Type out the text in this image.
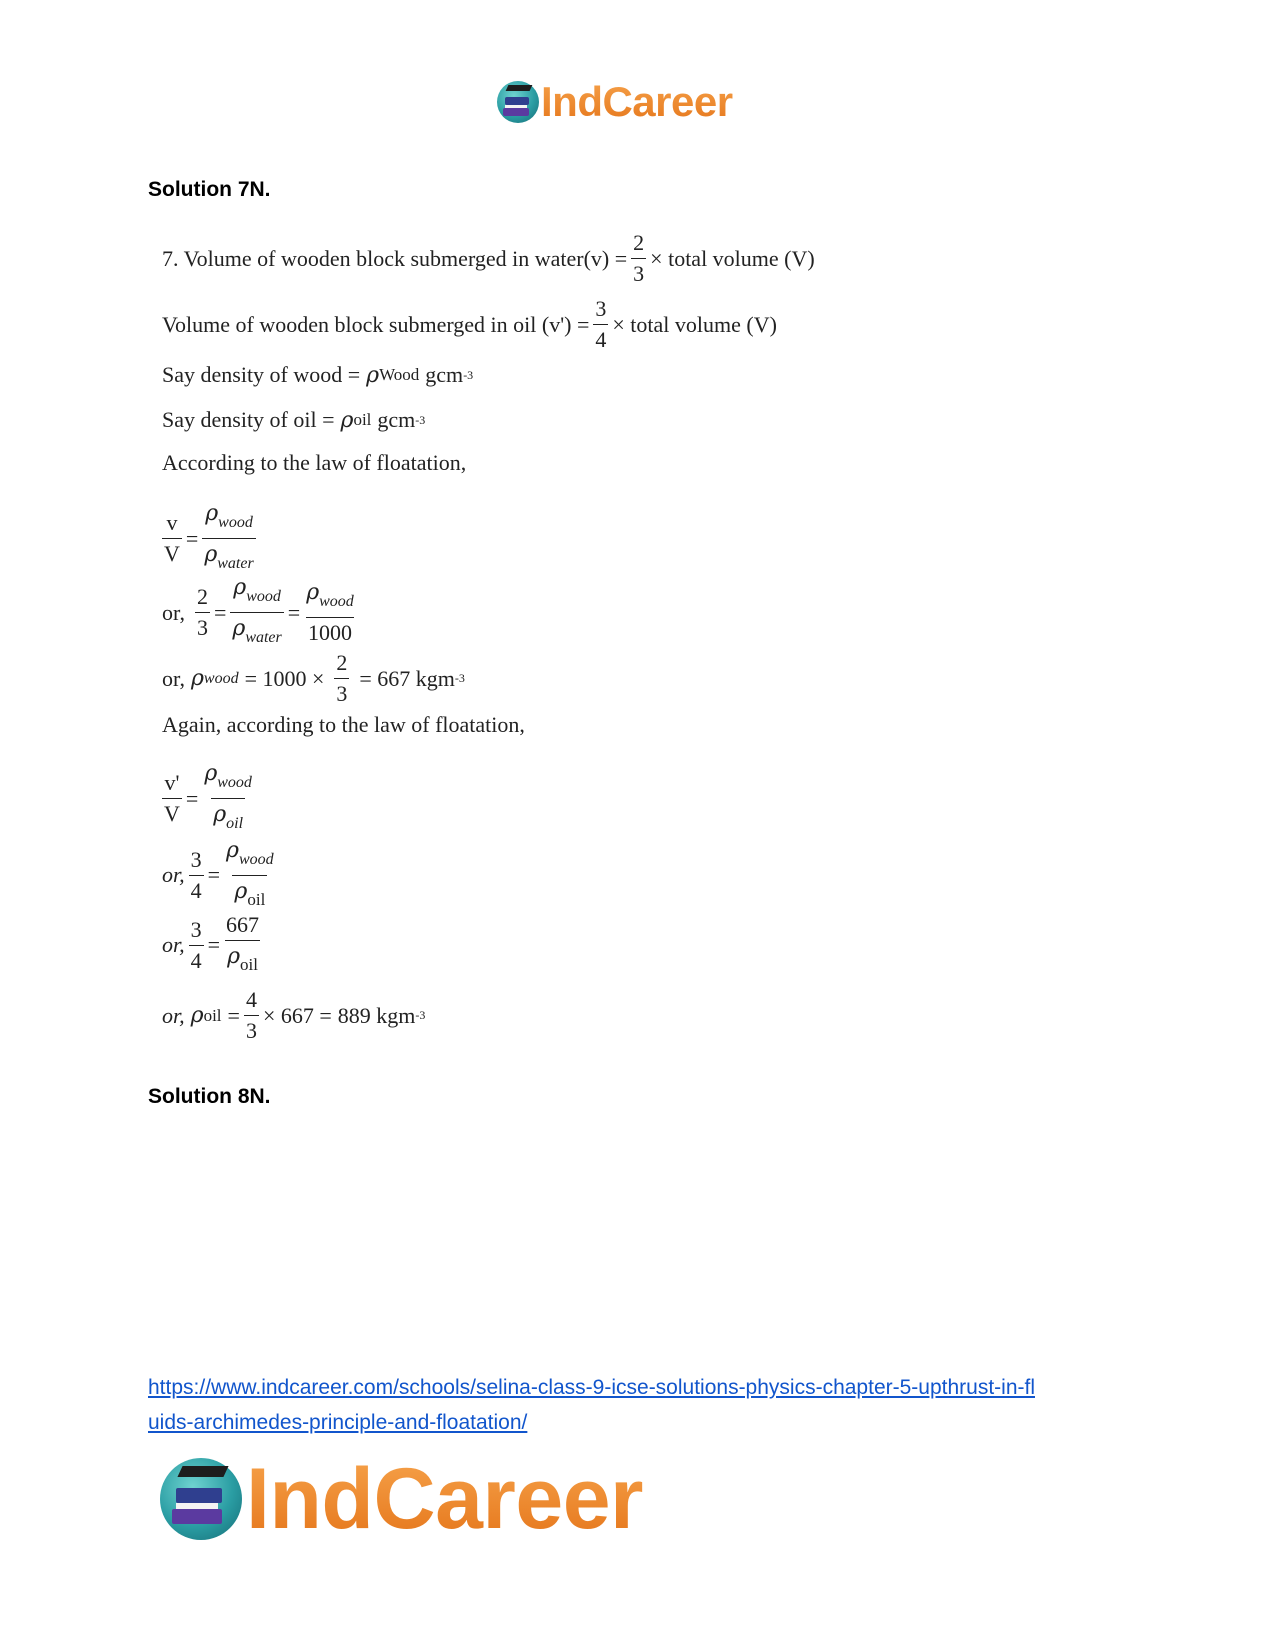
IndCareer
Solution 7N.
7. Volume of wooden block submerged in water(v) = $\frac{2}{3}$ × total volume (V)
Volume of wooden block submerged in oil $(v') = \frac{3}{4}$ × total volume (V)
Say density of wood = ρ Wood gcm -3
Say density of oil = ρ oil gcm -3
According to the law of floatation,
$\frac{v}{V} = \frac{\rho_{wood}}{\rho_{water}}$
or, $\frac{2}{3} = \frac{\rho_{wood}}{\rho_{water}} = \frac{\rho_{wood}}{1000}$
or, ρ wood = $1000 \times \frac{2}{3} = 667$ kgm -3
Again, according to the law of floatation,
$\frac{v'}{V} = \frac{\rho_{wood}}{\rho_{oil}}$
or, $\frac{3}{4} = \frac{\rho_{wood}}{\rho_{oil}}$
or, $\frac{3}{4} = \frac{667}{\rho_{oil}}$
or, ρ oil = $\frac{4}{3} \times 667 = 889$ kgm -3
Solution 8N.
https://www.indcareer.com/schools/selina-class-9-icse-solutions-physics-chapter-5-upthrust-in-fl
uids-archimedes-principle-and-floatation/
IndCareer
